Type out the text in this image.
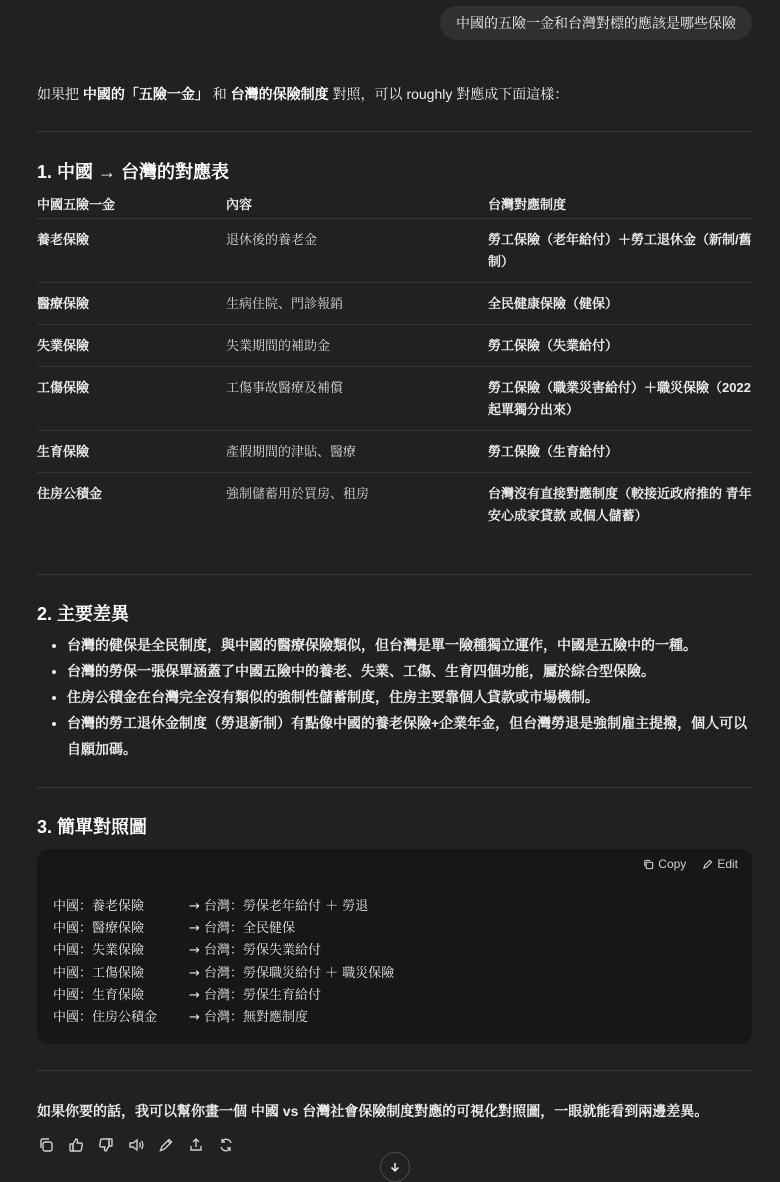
中國的五險一金和台灣對標的應該是哪些保險
如果把 中國的「五險一金」 和 台灣的保險制度 對照，可以 roughly 對應成下面這樣：
1. 中國 → 台灣的對應表
中國五險一金	內容	台灣對應制度
養老保險	退休後的養老金	勞工保險（老年給付）＋勞工退休金（新制/舊制）
醫療保險	生病住院、門診報銷	全民健康保險（健保）
失業保險	失業期間的補助金	勞工保險（失業給付）
工傷保險	工傷事故醫療及補償	勞工保險（職業災害給付）＋職災保險（2022 起單獨分出來）
生育保險	產假期間的津貼、醫療	勞工保險（生育給付）
住房公積金	強制儲蓄用於買房、租房	台灣沒有直接對應制度（較接近政府推的 青年安心成家貸款 或個人儲蓄）
2. 主要差異
• 台灣的健保是全民制度，與中國的醫療保險類似，但台灣是單一險種獨立運作，中國是五險中的一種。
• 台灣的勞保一張保單涵蓋了中國五險中的養老、失業、工傷、生育四個功能，屬於綜合型保險。
• 住房公積金在台灣完全沒有類似的強制性儲蓄制度，住房主要靠個人貸款或市場機制。
• 台灣的勞工退休金制度（勞退新制）有點像中國的養老保險+企業年金，但台灣勞退是強制雇主提撥，個人可以自願加碼。
3. 簡單對照圖
Copy	Edit
中國：養老保險	→ 台灣：勞保老年給付 ＋ 勞退
中國：醫療保險	→ 台灣：全民健保
中國：失業保險	→ 台灣：勞保失業給付
中國：工傷保險	→ 台灣：勞保職災給付 ＋ 職災保險
中國：生育保險	→ 台灣：勞保生育給付
中國：住房公積金 → 台灣：無對應制度
如果你要的話，我可以幫你畫一個 中國 vs 台灣社會保險制度對應的可視化對照圖，一眼就能看到兩邊差異。
